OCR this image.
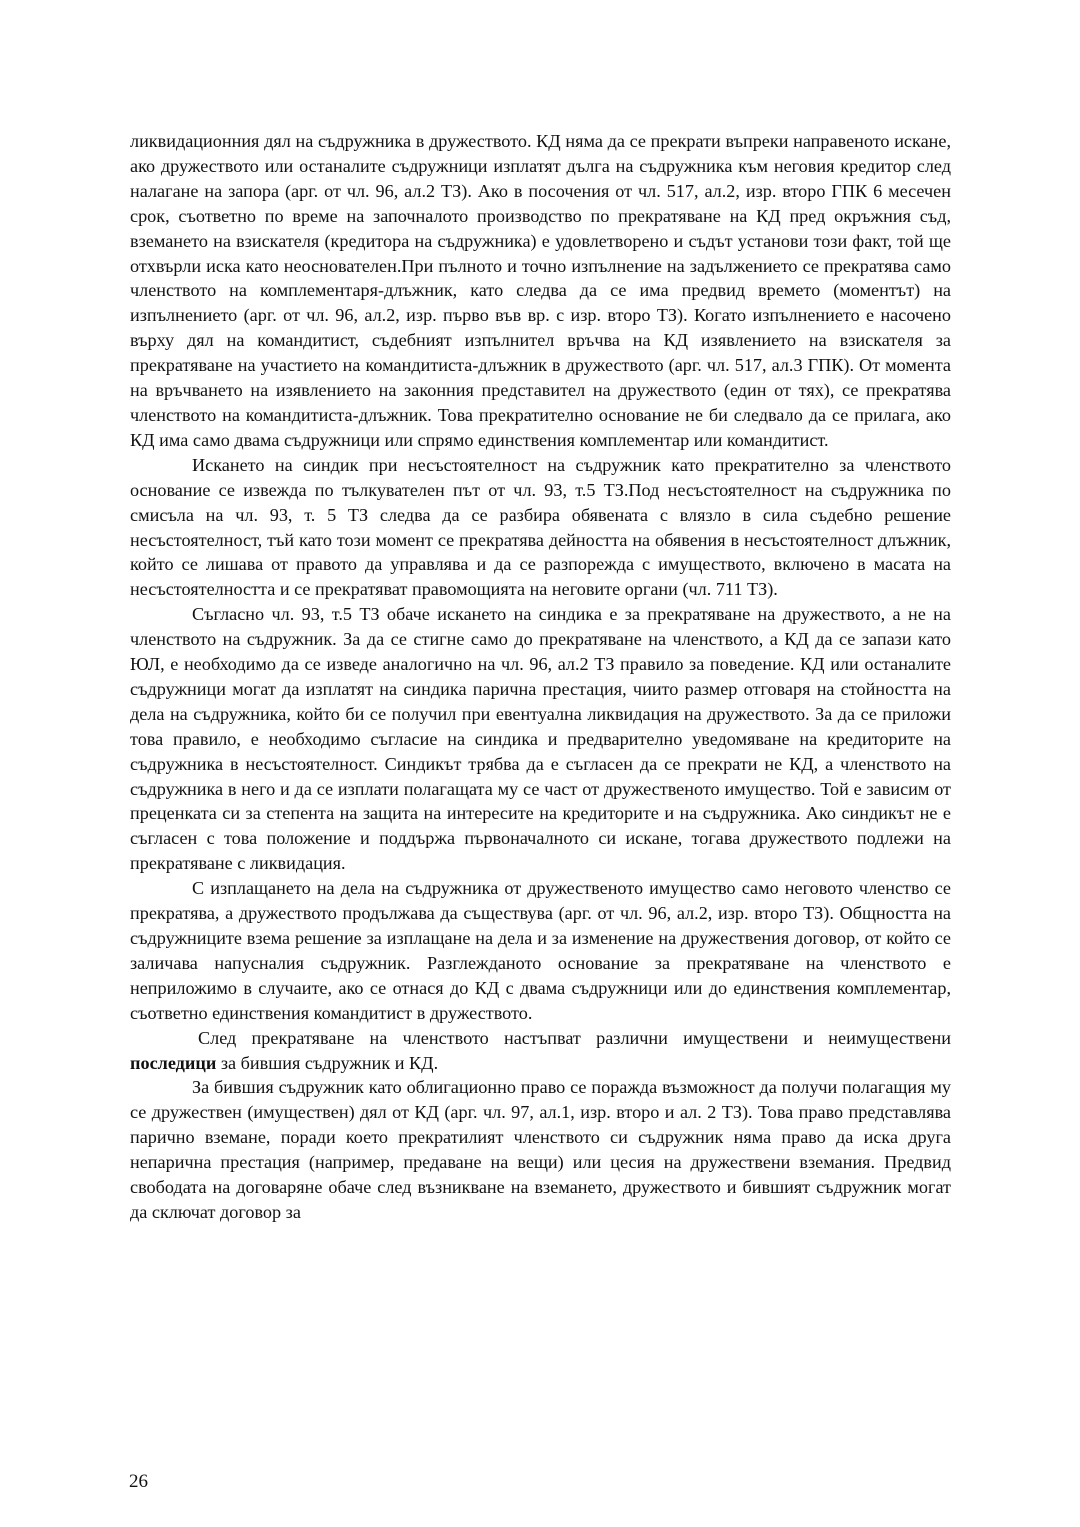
ликвидационния дял на съдружника в дружеството. КД няма да се прекрати въпреки направеното искане, ако дружеството или останалите съдружници изплатят дълга на съдружника към неговия кредитор след налагане на запора (арг. от чл. 96, ал.2 ТЗ). Ако в посочения от чл. 517, ал.2, изр. второ ГПК 6 месечен срок, съответно по време на започналото производство по прекратяване на КД пред окръжния съд, вземането на взискателя (кредитора на съдружника) е удовлетворено и съдът установи този факт, той ще отхвърли иска като неоснователен.При пълното и точно изпълнение на задължението се прекратява само членството на комплементаря-длъжник, като следва да се има предвид времето (моментът) на изпълнението (арг. от чл. 96, ал.2, изр. първо във вр. с изр. второ ТЗ). Когато изпълнението е насочено върху дял на командитист, съдебният изпълнител връчва на КД изявлението на взискателя за прекратяване на участието на командитиста-длъжник в дружеството (арг. чл. 517, ал.3 ГПК). От момента на връчването на изявлението на законния представител на дружеството (един от тях), се прекратява членството на командитиста-длъжник. Това прекратително основание не би следвало да се прилага, ако КД има само двама съдружници или спрямо единствения комплементар или командитист.

Искането на синдик при несъстоятелност на съдружник като прекратително за членството основание се извежда по тълкувателен път от чл. 93, т.5 ТЗ.Под несъстоятелност на съдружника по смисъла на чл. 93, т. 5 ТЗ следва да се разбира обявената с влязло в сила съдебно решение несъстоятелност, тъй като този момент се прекратява дейността на обявения в несъстоятелност длъжник, който се лишава от правото да управлява и да се разпорежда с имуществото, включено в масата на несъстоятелността и се прекратяват правомощията на неговите органи (чл. 711 ТЗ).

Съгласно чл. 93, т.5 ТЗ обаче искането на синдика е за прекратяване на дружеството, а не на членството на съдружник. За да се стигне само до прекратяване на членството, а КД да се запази като ЮЛ, е необходимо да се изведе аналогично на чл. 96, ал.2 ТЗ правило за поведение. КД или останалите съдружници могат да изплатят на синдика парична престация, чиито размер отговаря на стойността на дела на съдружника, който би се получил при евентуална ликвидация на дружеството. За да се приложи това правило, е необходимо съгласие на синдика и предварително уведомяване на кредиторите на съдружника в несъстоятелност. Синдикът трябва да е съгласен да се прекрати не КД, а членството на съдружника в него и да се изплати полагащата му се част от дружественото имущество. Той е зависим от преценката си за степента на защита на интересите на кредиторите и на съдружника. Ако синдикът не е съгласен с това положение и поддържа първоначалното си искане, тогава дружеството подлежи на прекратяване с ликвидация.

С изплащането на дела на съдружника от дружественото имущество само неговото членство се прекратява, а дружеството продължава да съществува (арг. от чл. 96, ал.2, изр. второ ТЗ). Общността на съдружниците взема решение за изплащане на дела и за изменение на дружествения договор, от който се заличава напусналия съдружник. Разглежданото основание за прекратяване на членството е неприложимо в случаите, ако се отнася до КД с двама съдружници или до единствения комплементар, съответно единствения командитист в дружеството.

След прекратяване на членството настъпват различни имуществени и неимуществени последици за бившия съдружник и КД.

За бившия съдружник като облигационно право се поражда възможност да получи полагащия му се дружествен (имуществен) дял от КД (арг. чл. 97, ал.1, изр. второ и ал. 2 ТЗ). Това право представлява парично вземане, поради което прекратилият членството си съдружник няма право да иска друга непарична престация (например, предаване на вещи) или цесия на дружествени вземания. Предвид свободата на договаряне обаче след възникване на вземането, дружеството и бившият съдружник могат да сключат договор за

26
